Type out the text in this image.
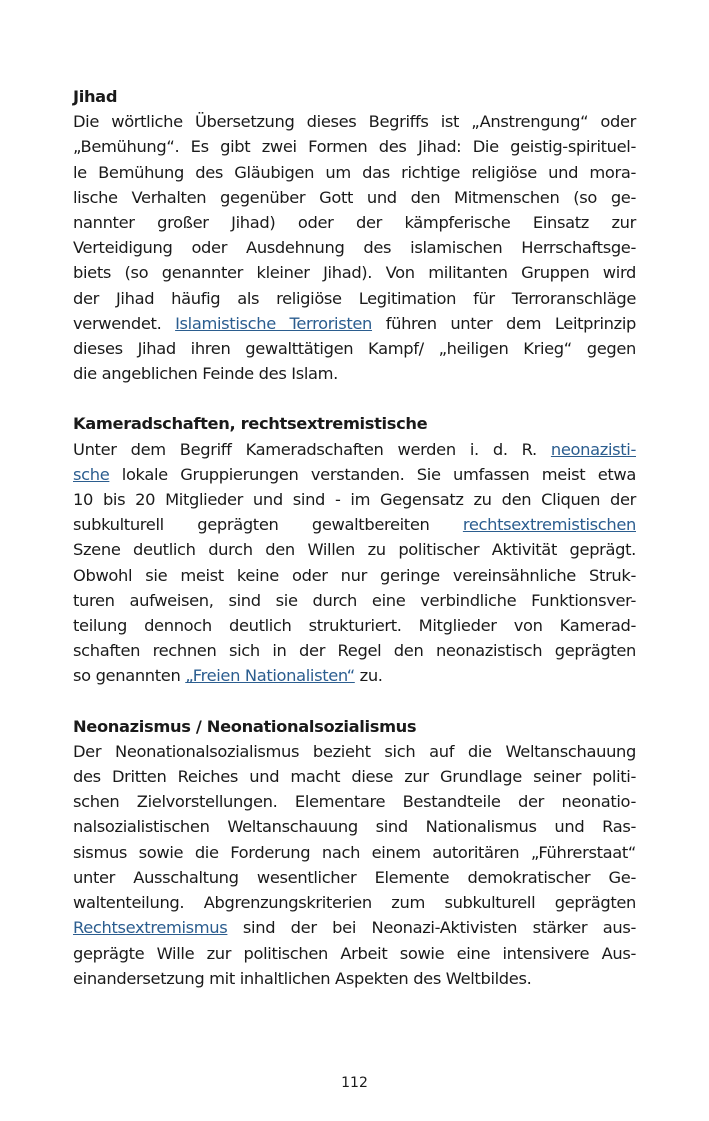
Jihad
Die wörtliche Übersetzung dieses Begriffs ist „Anstrengung“ oder
„Bemühung“. Es gibt zwei Formen des Jihad: Die geistig-spirituel-
le Bemühung des Gläubigen um das richtige religiöse und mora-
lische Verhalten gegenüber Gott und den Mitmenschen (so ge-
nannter großer Jihad) oder der kämpferische Einsatz zur
Verteidigung oder Ausdehnung des islamischen Herrschaftsge-
biets (so genannter kleiner Jihad). Von militanten Gruppen wird
der Jihad häufig als religiöse Legitimation für Terroranschläge
verwendet. Islamistische Terroristen führen unter dem Leitprinzip
dieses Jihad ihren gewalttätigen Kampf/ „heiligen Krieg“ gegen
die angeblichen Feinde des Islam.
Kameradschaften, rechtsextremistische
Unter dem Begriff Kameradschaften werden i. d. R. neonazisti-
sche lokale Gruppierungen verstanden. Sie umfassen meist etwa
10 bis 20 Mitglieder und sind - im Gegensatz zu den Cliquen der
subkulturell geprägten gewaltbereiten rechtsextremistischen
Szene deutlich durch den Willen zu politischer Aktivität geprägt.
Obwohl sie meist keine oder nur geringe vereinsähnliche Struk-
turen aufweisen, sind sie durch eine verbindliche Funktionsver-
teilung dennoch deutlich strukturiert. Mitglieder von Kamerad-
schaften rechnen sich in der Regel den neonazistisch geprägten
so genannten „Freien Nationalisten“ zu.
Neonazismus / Neonationalsozialismus
Der Neonationalsozialismus bezieht sich auf die Weltanschauung
des Dritten Reiches und macht diese zur Grundlage seiner politi-
schen Zielvorstellungen. Elementare Bestandteile der neonatio-
nalsozialistischen Weltanschauung sind Nationalismus und Ras-
sismus sowie die Forderung nach einem autoritären „Führerstaat“
unter Ausschaltung wesentlicher Elemente demokratischer Ge-
waltenteilung. Abgrenzungskriterien zum subkulturell geprägten
Rechtsextremismus sind der bei Neonazi-Aktivisten stärker aus-
geprägte Wille zur politischen Arbeit sowie eine intensivere Aus-
einandersetzung mit inhaltlichen Aspekten des Weltbildes.
112
